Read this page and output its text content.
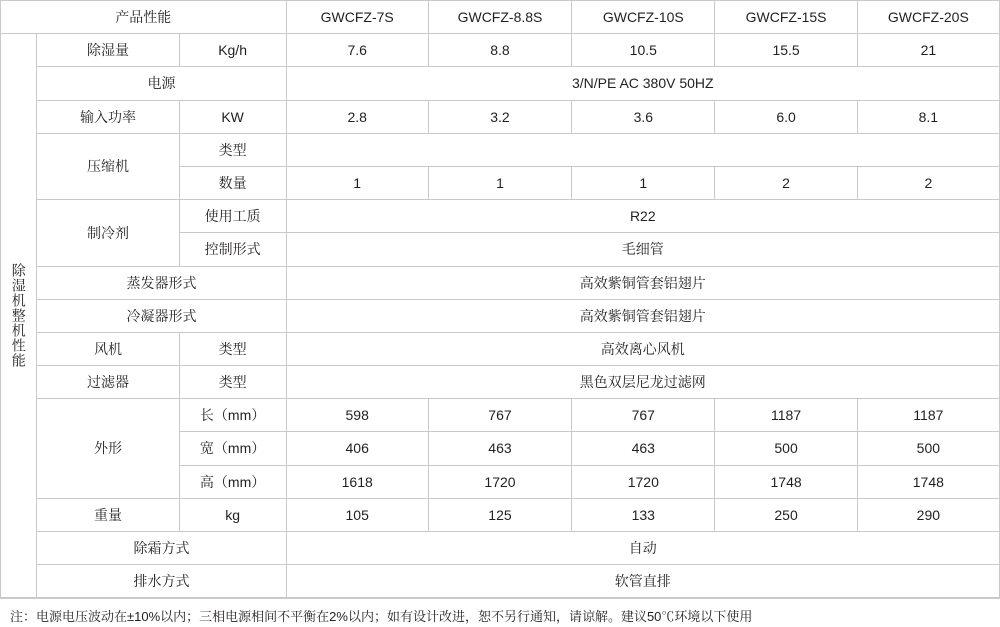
产品性能			GWCFZ-7S	GWCFZ-8.8S	GWCFZ-10S	GWCFZ-15S	GWCFZ-20S
除湿机整机性能	除湿量	Kg/h	7.6	8.8	10.5	15.5	21
	电源		3/N/PE AC 380V 50HZ				
	输入功率	KW	2.8	3.2	3.6	6.0	8.1
	压缩机	类型					
		数量	1	1	1	2	2
	制冷剂	使用工质	R22				
		控制形式	毛细管				
	蒸发器形式		高效紫铜管套铝翅片				
	冷凝器形式		高效紫铜管套铝翅片				
	风机	类型	高效离心风机				
	过滤器	类型	黑色双层尼龙过滤网				
	外形	长（mm）	598	767	767	1187	1187
		宽（mm）	406	463	463	500	500
		高（mm）	1618	1720	1720	1748	1748
	重量	kg	105	125	133	250	290
	除霜方式		自动				
	排水方式		软管直排				
注：电源电压波动在±10%以内；三相电源相间不平衡在2%以内；如有设计改进，恕不另行通知，请谅解。建议50℃环境以下使用
